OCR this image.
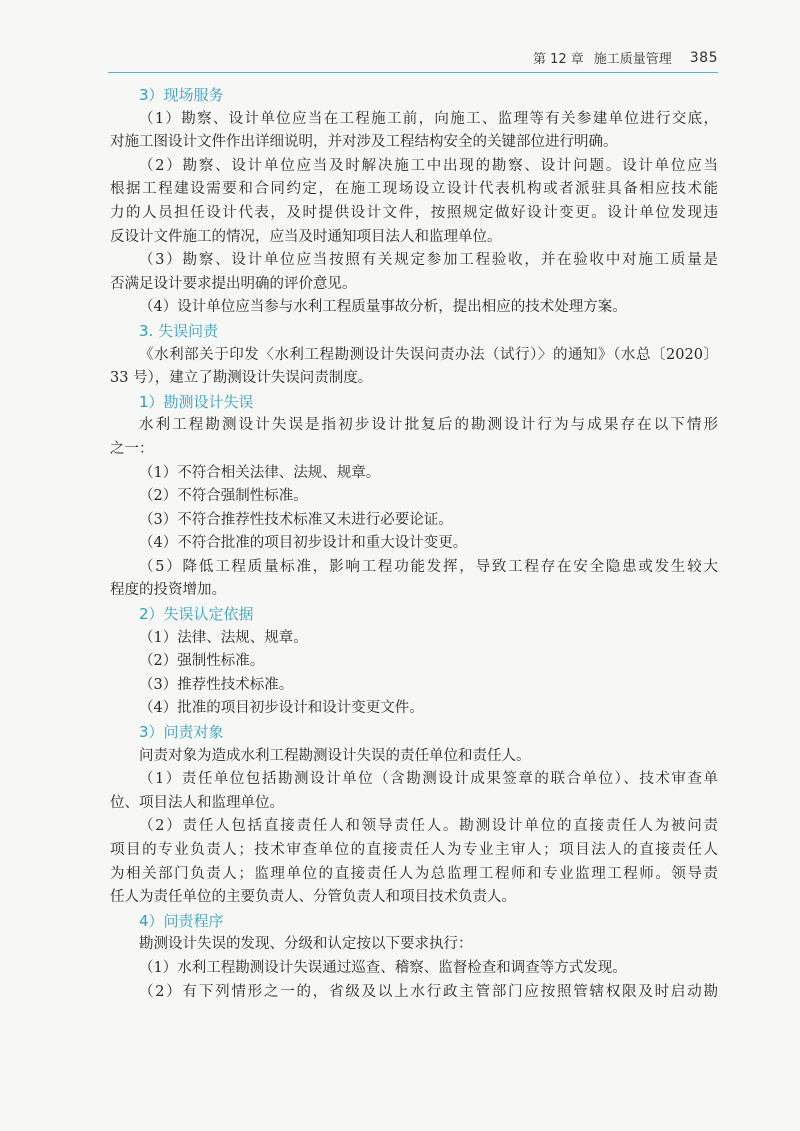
第 12 章 施工质量管理 385
3）现场服务
（1）勘察、设计单位应当在工程施工前，向施工、监理等有关参建单位进行交底，
对施工图设计文件作出详细说明，并对涉及工程结构安全的关键部位进行明确。
（2）勘察、设计单位应当及时解决施工中出现的勘察、设计问题。设计单位应当
根据工程建设需要和合同约定，在施工现场设立设计代表机构或者派驻具备相应技术能
力的人员担任设计代表，及时提供设计文件，按照规定做好设计变更。设计单位发现违
反设计文件施工的情况，应当及时通知项目法人和监理单位。
（3）勘察、设计单位应当按照有关规定参加工程验收，并在验收中对施工质量是
否满足设计要求提出明确的评价意见。
（4）设计单位应当参与水利工程质量事故分析，提出相应的技术处理方案。
3. 失误问责
《水利部关于印发〈水利工程勘测设计失误问责办法（试行）〉的通知》（水总〔2020〕
33 号），建立了勘测设计失误问责制度。
1）勘测设计失误
水利工程勘测设计失误是指初步设计批复后的勘测设计行为与成果存在以下情形
之一：
（1）不符合相关法律、法规、规章。
（2）不符合强制性标准。
（3）不符合推荐性技术标准又未进行必要论证。
（4）不符合批准的项目初步设计和重大设计变更。
（5）降低工程质量标准，影响工程功能发挥，导致工程存在安全隐患或发生较大
程度的投资增加。
2）失误认定依据
（1）法律、法规、规章。
（2）强制性标准。
（3）推荐性技术标准。
（4）批准的项目初步设计和设计变更文件。
3）问责对象
问责对象为造成水利工程勘测设计失误的责任单位和责任人。
（1）责任单位包括勘测设计单位（含勘测设计成果签章的联合单位）、技术审查单
位、项目法人和监理单位。
（2）责任人包括直接责任人和领导责任人。勘测设计单位的直接责任人为被问责
项目的专业负责人；技术审查单位的直接责任人为专业主审人；项目法人的直接责任人
为相关部门负责人；监理单位的直接责任人为总监理工程师和专业监理工程师。领导责
任人为责任单位的主要负责人、分管负责人和项目技术负责人。
4）问责程序
勘测设计失误的发现、分级和认定按以下要求执行：
（1）水利工程勘测设计失误通过巡查、稽察、监督检查和调查等方式发现。
（2）有下列情形之一的，省级及以上水行政主管部门应按照管辖权限及时启动勘
